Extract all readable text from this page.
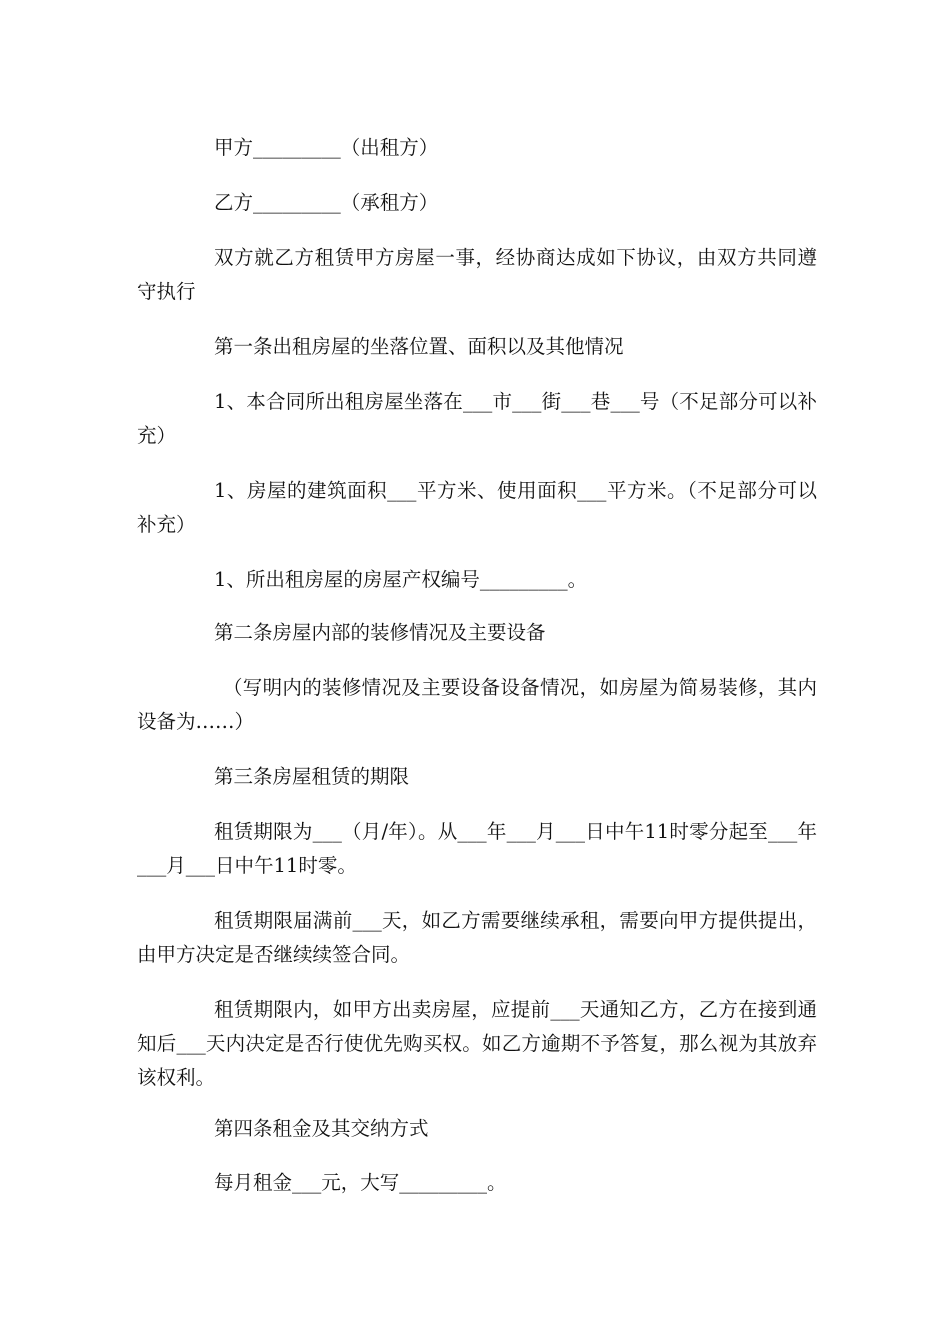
甲方_________（出租方）

乙方_________（承租方）

双方就乙方租赁甲方房屋一事，经协商达成如下协议，由双方共同遵守执行

第一条出租房屋的坐落位置、面积以及其他情况

1、本合同所出租房屋坐落在___市___街___巷___号（不足部分可以补充）

1、房屋的建筑面积___平方米、使用面积___平方米。（不足部分可以补充）

1、所出租房屋的房屋产权编号_________。

第二条房屋内部的装修情况及主要设备

（写明内的装修情况及主要设备设备情况，如房屋为简易装修，其内设备为……）

第三条房屋租赁的期限

租赁期限为___（月/年）。从___年___月___日中午11时零分起至___年___月___日中午11时零。

租赁期限届满前___天，如乙方需要继续承租，需要向甲方提供提出，由甲方决定是否继续续签合同。

租赁期限内，如甲方出卖房屋，应提前___天通知乙方，乙方在接到通知后___天内决定是否行使优先购买权。如乙方逾期不予答复，那么视为其放弃该权利。

第四条租金及其交纳方式

每月租金___元，大写_________。
